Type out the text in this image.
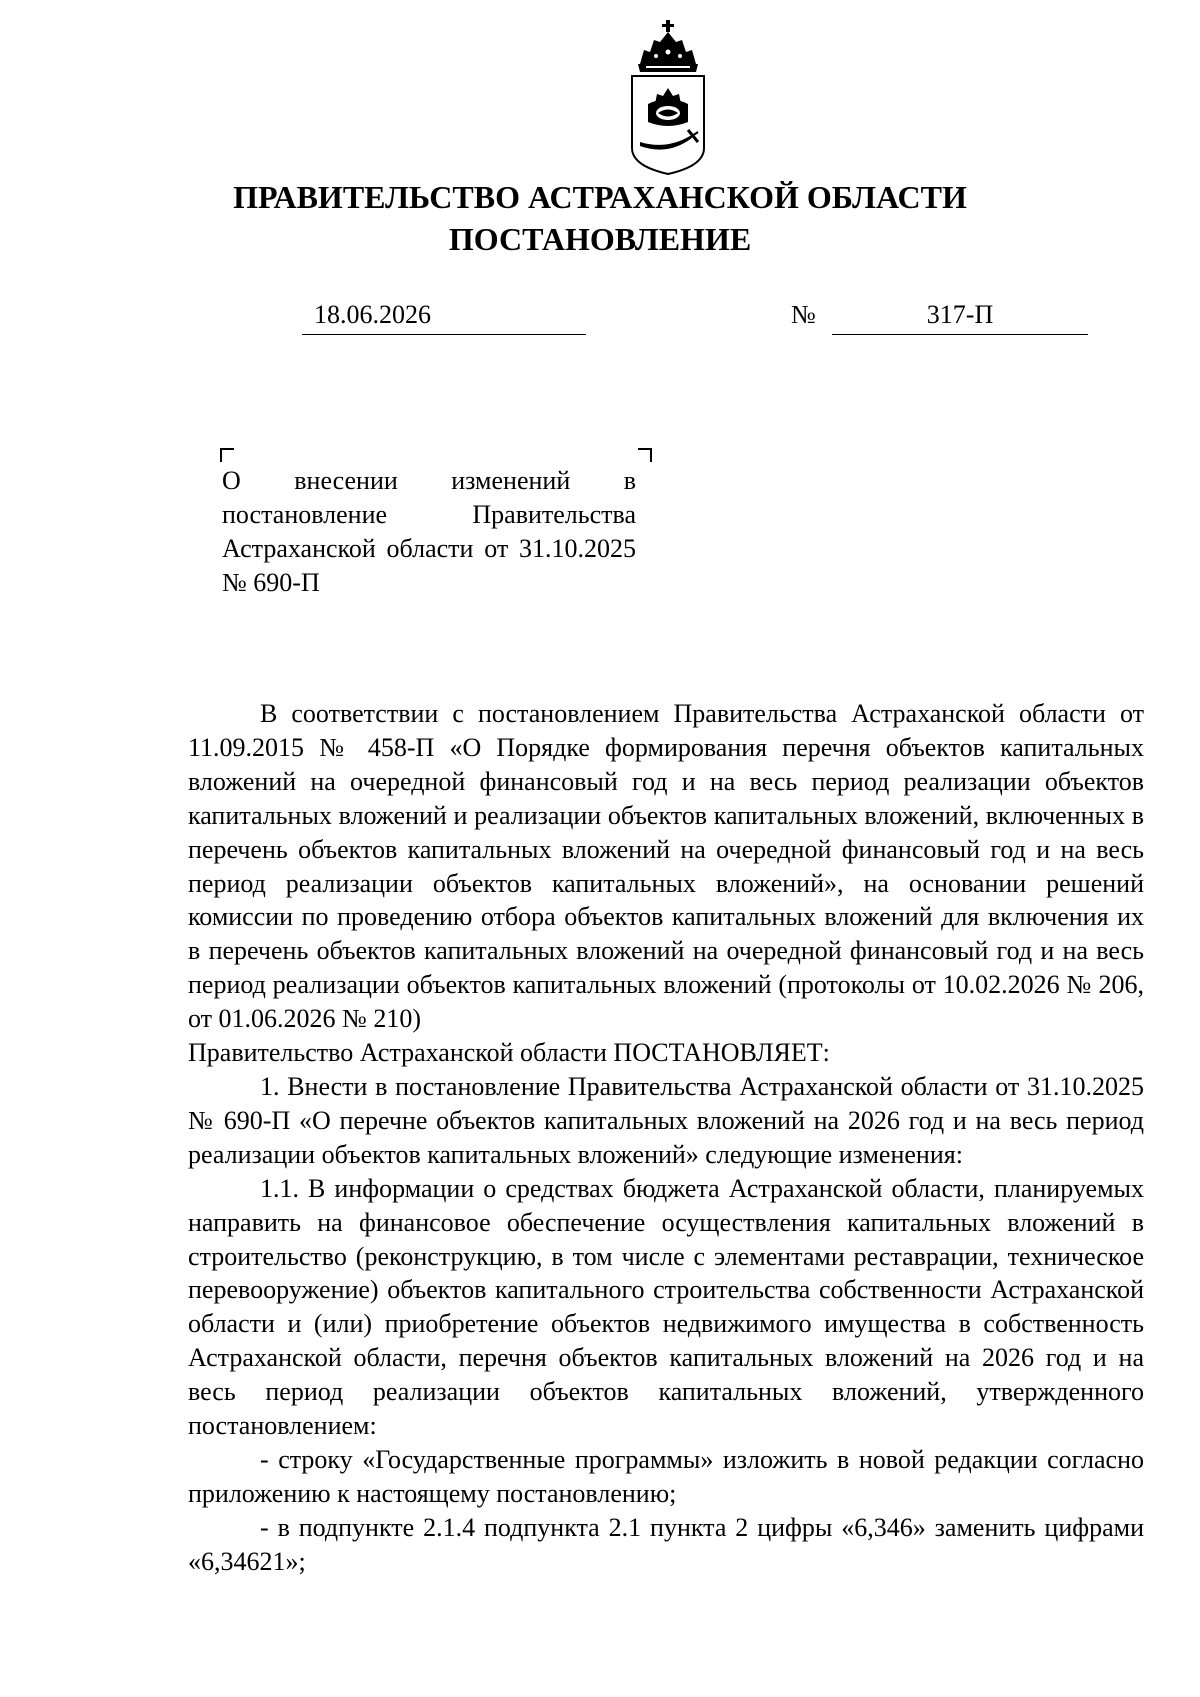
ПРАВИТЕЛЬСТВО АСТРАХАНСКОЙ ОБЛАСТИ
ПОСТАНОВЛЕНИЕ
18.06.2026	№	317-П

О внесении изменений в постановление Правительства Астраханской области от 31.10.2025 № 690-П

В соответствии с постановлением Правительства Астраханской области от 11.09.2015 № 458-П «О Порядке формирования перечня объектов капитальных вложений на очередной финансовый год и на весь период реализации объектов капитальных вложений и реализации объектов капитальных вложений, включенных в перечень объектов капитальных вложений на очередной финансовый год и на весь период реализации объектов капитальных вложений», на основании решений комиссии по проведению отбора объектов капитальных вложений для включения их в перечень объектов капитальных вложений на очередной финансовый год и на весь период реализации объектов капитальных вложений (протоколы от 10.02.2026 № 206, от 01.06.2026 № 210)

Правительство Астраханской области ПОСТАНОВЛЯЕТ:

1. Внести в постановление Правительства Астраханской области от 31.10.2025 № 690-П «О перечне объектов капитальных вложений на 2026 год и на весь период реализации объектов капитальных вложений» следующие изменения:

1.1. В информации о средствах бюджета Астраханской области, планируемых направить на финансовое обеспечение осуществления капитальных вложений в строительство (реконструкцию, в том числе с элементами реставрации, техническое перевооружение) объектов капитального строительства собственности Астраханской области и (или) приобретение объектов недвижимого имущества в собственность Астраханской области, перечня объектов капитальных вложений на 2026 год и на весь период реализации объектов капитальных вложений, утвержденного постановлением:

- строку «Государственные программы» изложить в новой редакции согласно приложению к настоящему постановлению;

- в подпункте 2.1.4 подпункта 2.1 пункта 2 цифры «6,346» заменить цифрами «6,34621»;
